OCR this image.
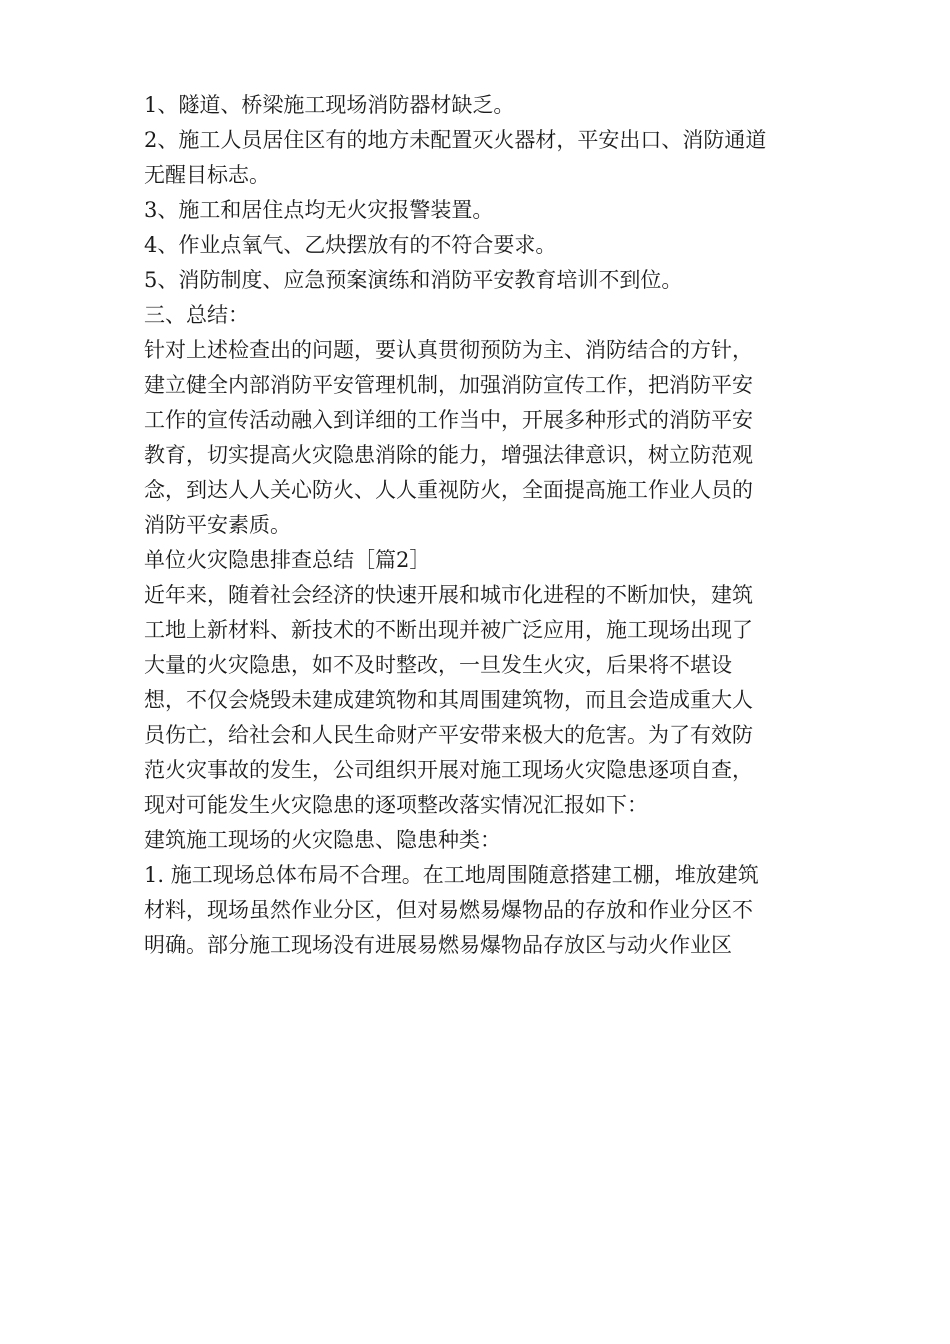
1、隧道、桥梁施工现场消防器材缺乏。
2、施工人员居住区有的地方未配置灭火器材，平安出口、消防通道
无醒目标志。
3、施工和居住点均无火灾报警装置。
4、作业点氧气、乙炔摆放有的不符合要求。
5、消防制度、应急预案演练和消防平安教育培训不到位。
三、总结：
针对上述检查出的问题，要认真贯彻预防为主、消防结合的方针，
建立健全内部消防平安管理机制，加强消防宣传工作，把消防平安
工作的宣传活动融入到详细的工作当中，开展多种形式的消防平安
教育，切实提高火灾隐患消除的能力，增强法律意识，树立防范观
念，到达人人关心防火、人人重视防火，全面提高施工作业人员的
消防平安素质。
单位火灾隐患排查总结［篇2］
近年来，随着社会经济的快速开展和城市化进程的不断加快，建筑
工地上新材料、新技术的不断出现并被广泛应用，施工现场出现了
大量的火灾隐患，如不及时整改，一旦发生火灾，后果将不堪设
想，不仅会烧毁未建成建筑物和其周围建筑物，而且会造成重大人
员伤亡，给社会和人民生命财产平安带来极大的危害。为了有效防
范火灾事故的发生，公司组织开展对施工现场火灾隐患逐项自查，
现对可能发生火灾隐患的逐项整改落实情况汇报如下：
建筑施工现场的火灾隐患、隐患种类：
1. 施工现场总体布局不合理。在工地周围随意搭建工棚，堆放建筑
材料，现场虽然作业分区，但对易燃易爆物品的存放和作业分区不
明确。部分施工现场没有进展易燃易爆物品存放区与动火作业区
